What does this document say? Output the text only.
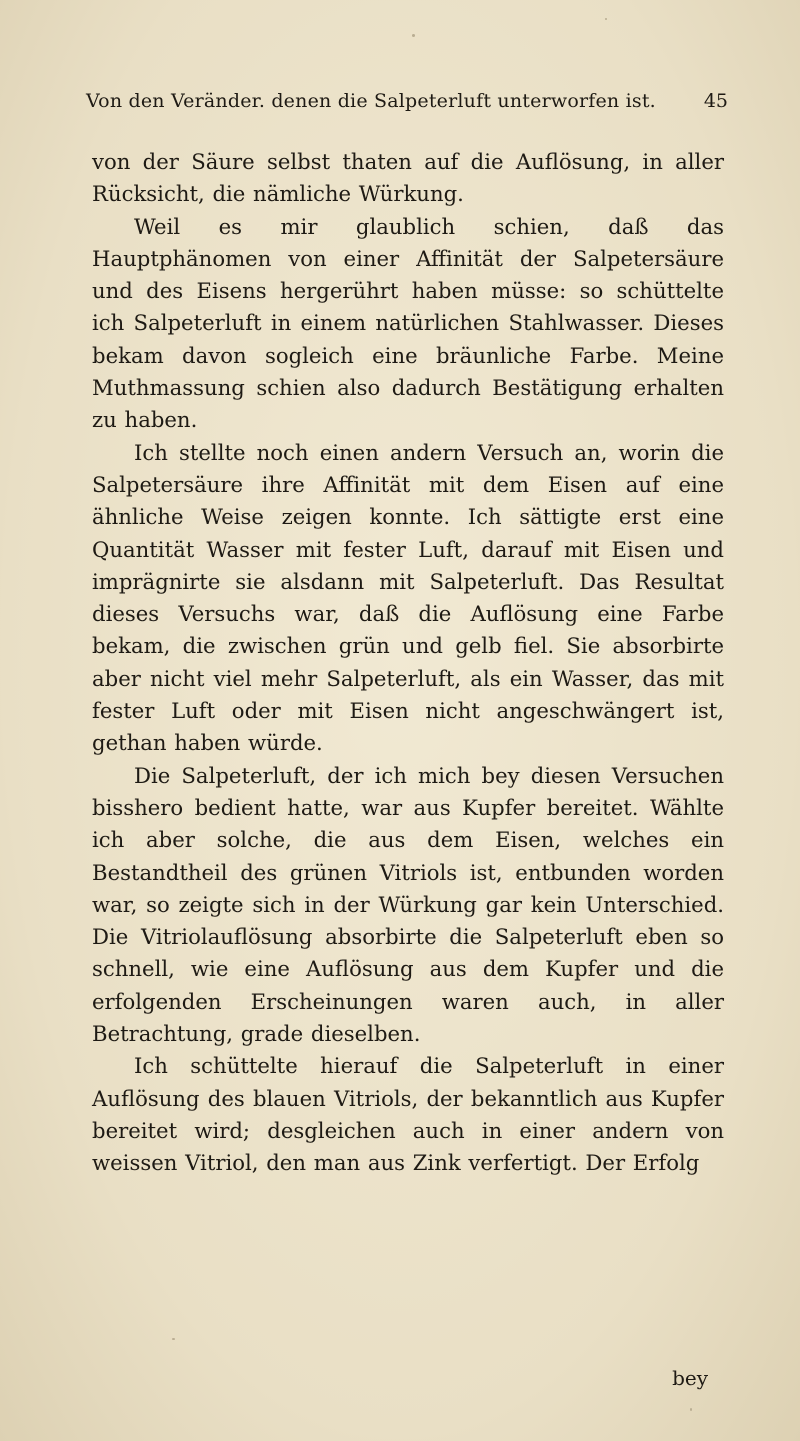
Von den Veränder. denen die Salpeterluft unterworfen ist.	45

von der Säure selbst thaten auf die Auflösung, in aller Rücksicht, die nämliche Würkung.

Weil es mir glaublich schien, daß das Hauptphänomen von einer Affinität der Salpetersäure und des Eisens hergerührt haben müsse: so schüttelte ich Salpeterluft in einem natürlichen Stahlwasser. Dieses bekam davon sogleich eine bräunliche Farbe. Meine Muthmassung schien also dadurch Bestätigung erhalten zu haben.

Ich stellte noch einen andern Versuch an, worin die Salpetersäure ihre Affinität mit dem Eisen auf eine ähnliche Weise zeigen konnte. Ich sättigte erst eine Quantität Wasser mit fester Luft, darauf mit Eisen und imprägnirte sie alsdann mit Salpeterluft. Das Resultat dieses Versuchs war, daß die Auflösung eine Farbe bekam, die zwischen grün und gelb fiel. Sie absorbirte aber nicht viel mehr Salpeterluft, als ein Wasser, das mit fester Luft oder mit Eisen nicht angeschwängert ist, gethan haben würde.

Die Salpeterluft, der ich mich bey diesen Versuchen bisshero bedient hatte, war aus Kupfer bereitet. Wählte ich aber solche, die aus dem Eisen, welches ein Bestandtheil des grünen Vitriols ist, entbunden worden war, so zeigte sich in der Würkung gar kein Unterschied. Die Vitriolauflösung absorbirte die Salpeterluft eben so schnell, wie eine Auflösung aus dem Kupfer und die erfolgenden Erscheinungen waren auch, in aller Betrachtung, grade dieselben.

Ich schüttelte hierauf die Salpeterluft in einer Auflösung des blauen Vitriols, der bekanntlich aus Kupfer bereitet wird; desgleichen auch in einer andern von weissen Vitriol, den man aus Zink verfertigt. Der Erfolg

bey
